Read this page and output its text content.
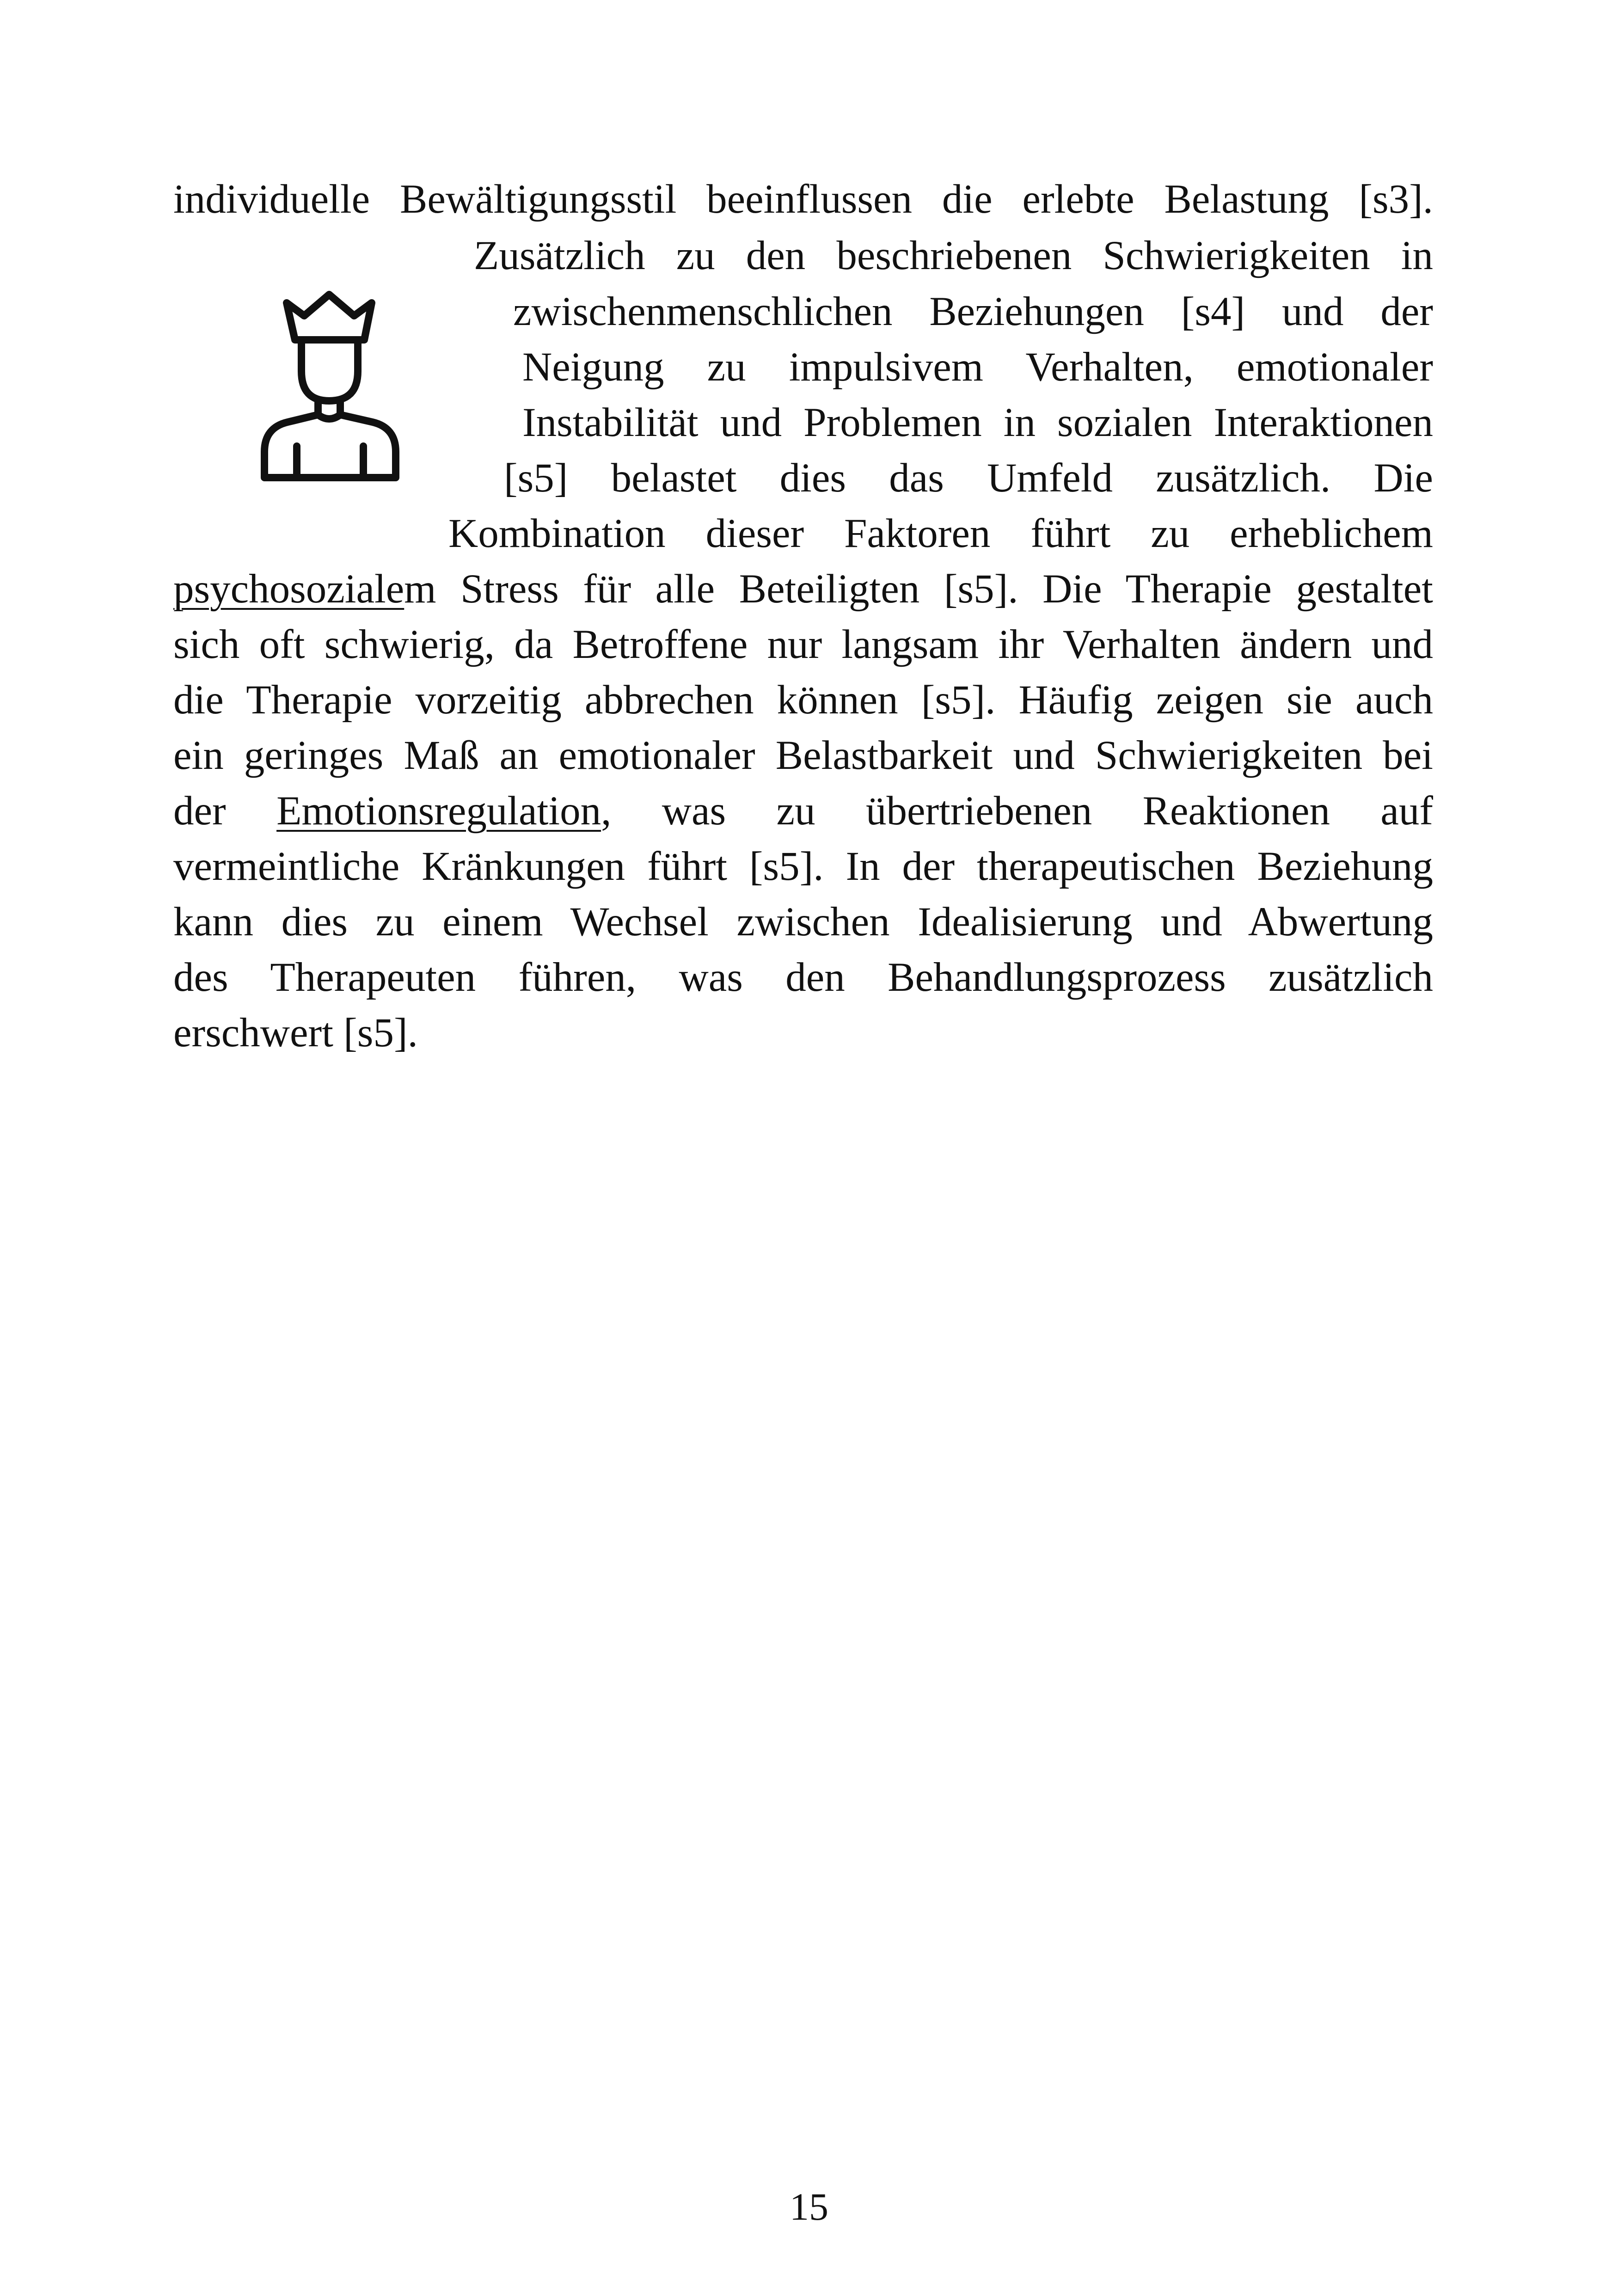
individuelle Bewältigungsstil beeinflussen die erlebte Belastung [s3].
Zusätzlich zu den beschriebenen Schwierigkeiten in
zwischenmenschlichen Beziehungen [s4] und der
Neigung zu impulsivem Verhalten, emotionaler
Instabilität und Problemen in sozialen Interaktionen
[s5] belastet dies das Umfeld zusätzlich. Die
Kombination dieser Faktoren führt zu erheblichem
psychosozialem Stress für alle Beteiligten [s5]. Die Therapie gestaltet
sich oft schwierig, da Betroffene nur langsam ihr Verhalten ändern und
die Therapie vorzeitig abbrechen können [s5]. Häufig zeigen sie auch
ein geringes Maß an emotionaler Belastbarkeit und Schwierigkeiten bei
der Emotionsregulation, was zu übertriebenen Reaktionen auf
vermeintliche Kränkungen führt [s5]. In der therapeutischen Beziehung
kann dies zu einem Wechsel zwischen Idealisierung und Abwertung
des Therapeuten führen, was den Behandlungsprozess zusätzlich
erschwert [s5].
15
